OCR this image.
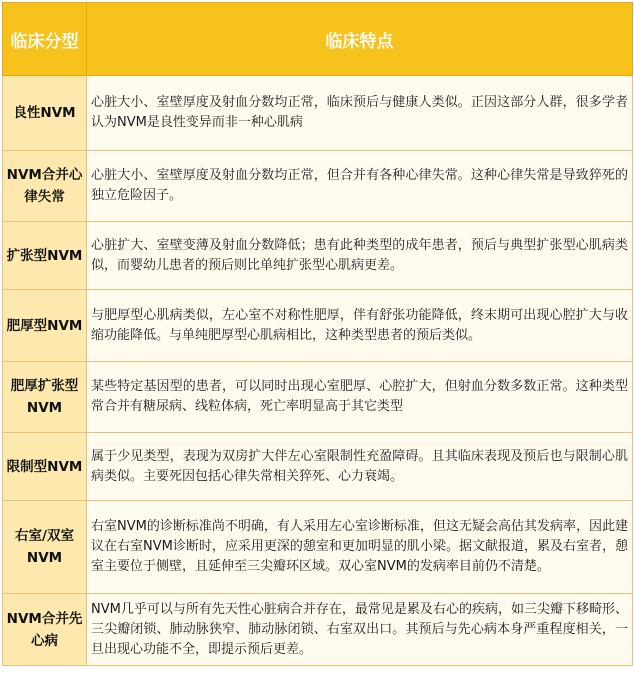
临床分型	临床特点
良性NVM	心脏大小、室壁厚度及射血分数均正常，临床预后与健康人类似。正因这部分人群，很多学者认为NVM是良性变异而非一种心肌病
NVM合并心律失常	心脏大小、室壁厚度及射血分数均正常，但合并有各种心律失常。这种心律失常是导致猝死的独立危险因子。
扩张型NVM	心脏扩大、室壁变薄及射血分数降低；患有此种类型的成年患者，预后与典型扩张型心肌病类似，而婴幼儿患者的预后则比单纯扩张型心肌病更差。
肥厚型NVM	与肥厚型心肌病类似，左心室不对称性肥厚，伴有舒张功能降低，终末期可出现心腔扩大与收缩功能降低。与单纯肥厚型心肌病相比，这种类型患者的预后类似。
肥厚扩张型NVM	某些特定基因型的患者，可以同时出现心室肥厚、心腔扩大，但射血分数多数正常。这种类型常合并有糖尿病、线粒体病，死亡率明显高于其它类型
限制型NVM	属于少见类型，表现为双房扩大伴左心室限制性充盈障碍。且其临床表现及预后也与限制心肌病类似。主要死因包括心律失常相关猝死、心力衰竭。
右室/双室NVM	右室NVM的诊断标准尚不明确，有人采用左心室诊断标准，但这无疑会高估其发病率，因此建议在右室NVM诊断时，应采用更深的憩室和更加明显的肌小梁。据文献报道，累及右室者，憩室主要位于侧壁，且延伸至三尖瓣环区域。双心室NVM的发病率目前仍不清楚。
NVM合并先心病	NVM几乎可以与所有先天性心脏病合并存在，最常见是累及右心的疾病，如三尖瓣下移畸形、三尖瓣闭锁、肺动脉狭窄、肺动脉闭锁、右室双出口。其预后与先心病本身严重程度相关，一旦出现心功能不全，即提示预后更差。
